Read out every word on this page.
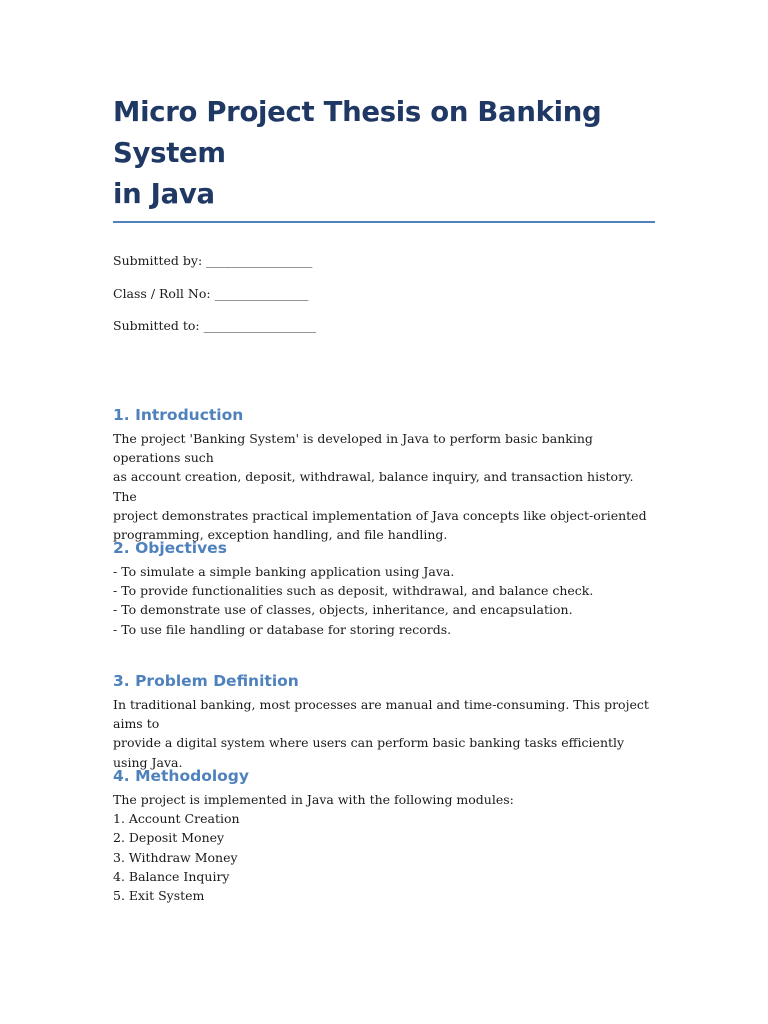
Micro Project Thesis on Banking System
in Java
Submitted by: _________________
Class / Roll No: _______________
Submitted to: __________________
1. Introduction

The project 'Banking System' is developed in Java to perform basic banking operations such
as account creation, deposit, withdrawal, balance inquiry, and transaction history. The
project demonstrates practical implementation of Java concepts like object-oriented
programming, exception handling, and file handling.

2. Objectives
- To simulate a simple banking application using Java.
- To provide functionalities such as deposit, withdrawal, and balance check.
- To demonstrate use of classes, objects, inheritance, and encapsulation.
- To use file handling or database for storing records.
3. Problem Definition

In traditional banking, most processes are manual and time-consuming. This project aims to
provide a digital system where users can perform basic banking tasks efficiently using Java.

4. Methodology
The project is implemented in Java with the following modules:
1. Account Creation
2. Deposit Money
3. Withdraw Money
4. Balance Inquiry
5. Exit System
